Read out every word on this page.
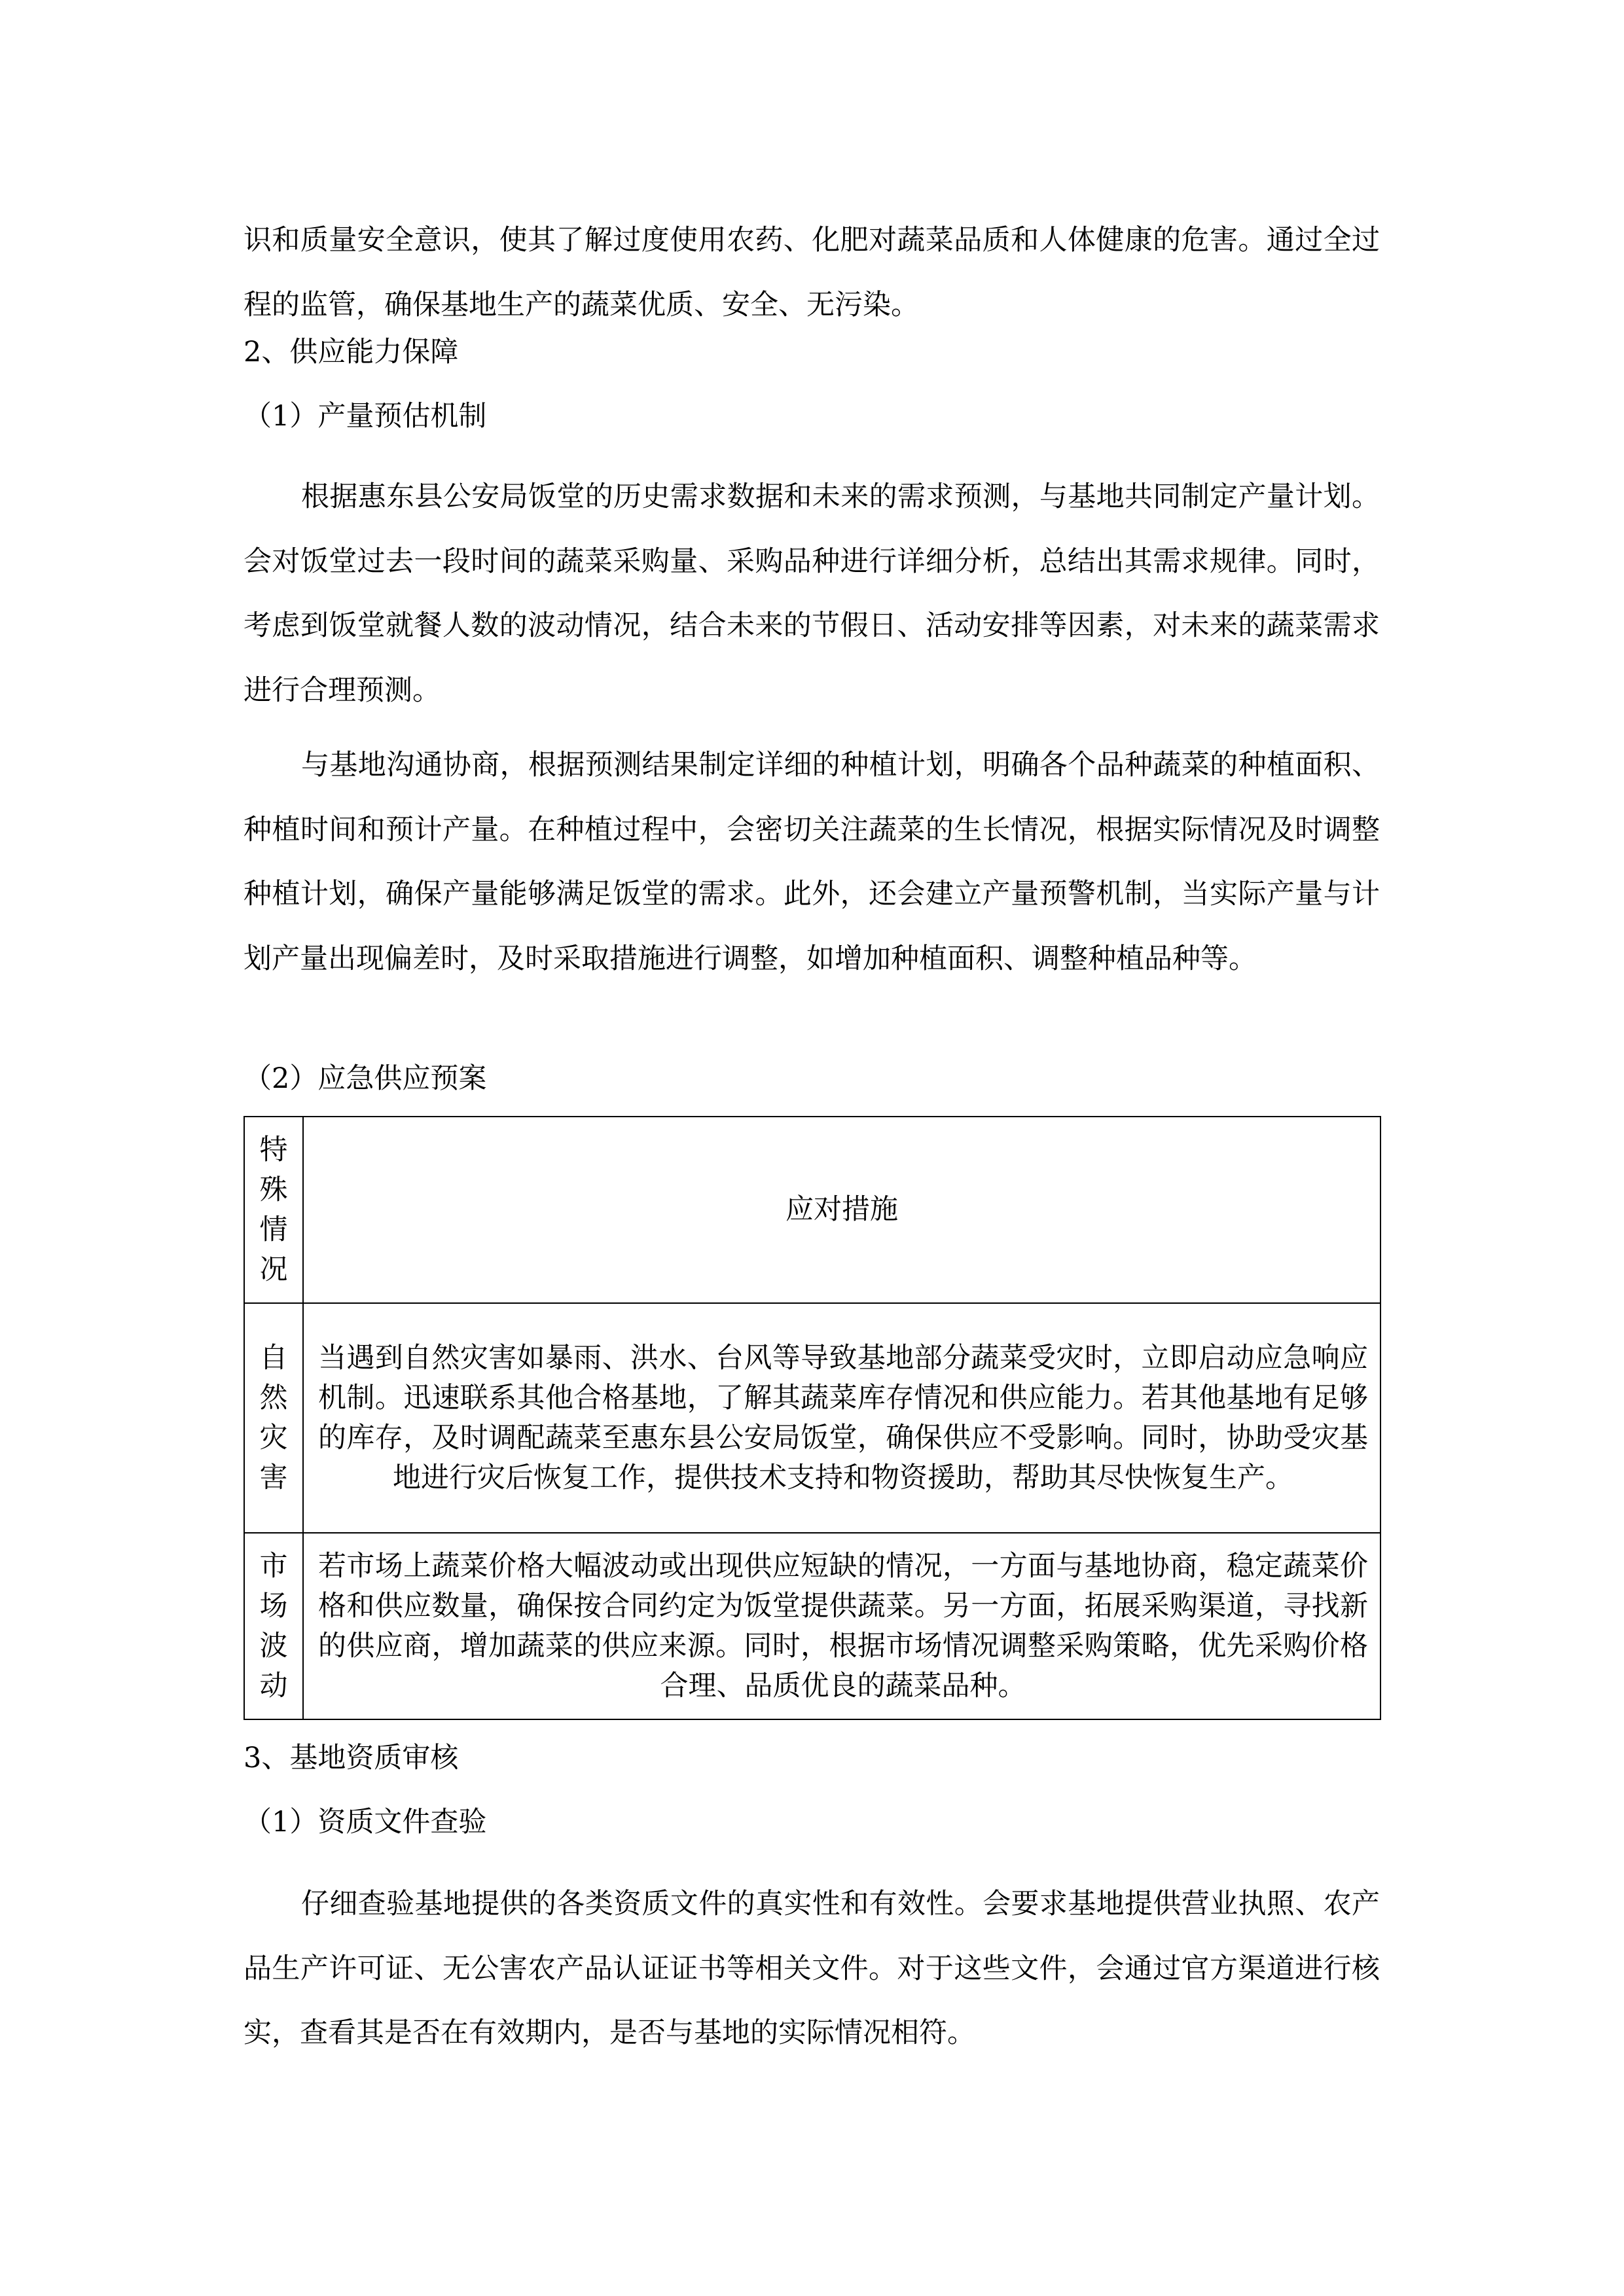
识和质量安全意识，使其了解过度使用农药、化肥对蔬菜品质和人体健康的危害。通过全过程的监管，确保基地生产的蔬菜优质、安全、无污染。
2、供应能力保障
（1）产量预估机制
根据惠东县公安局饭堂的历史需求数据和未来的需求预测，与基地共同制定产量计划。会对饭堂过去一段时间的蔬菜采购量、采购品种进行详细分析，总结出其需求规律。同时，考虑到饭堂就餐人数的波动情况，结合未来的节假日、活动安排等因素，对未来的蔬菜需求进行合理预测。
与基地沟通协商，根据预测结果制定详细的种植计划，明确各个品种蔬菜的种植面积、种植时间和预计产量。在种植过程中，会密切关注蔬菜的生长情况，根据实际情况及时调整种植计划，确保产量能够满足饭堂的需求。此外，还会建立产量预警机制，当实际产量与计划产量出现偏差时，及时采取措施进行调整，如增加种植面积、调整种植品种等。
（2）应急供应预案
特殊情况	应对措施

自然灾害	当遇到自然灾害如暴雨、洪水、台风等导致基地部分蔬菜受灾时，立即启动应急响应机制。迅速联系其他合格基地，了解其蔬菜库存情况和供应能力。若其他基地有足够的库存，及时调配蔬菜至惠东县公安局饭堂，确保供应不受影响。同时，协助受灾基地进行灾后恢复工作，提供技术支持和物资援助，帮助其尽快恢复生产。

市场波动	若市场上蔬菜价格大幅波动或出现供应短缺的情况，一方面与基地协商，稳定蔬菜价格和供应数量，确保按合同约定为饭堂提供蔬菜。另一方面，拓展采购渠道，寻找新的供应商，增加蔬菜的供应来源。同时，根据市场情况调整采购策略，优先采购价格合理、品质优良的蔬菜品种。
3、基地资质审核
（1）资质文件查验
仔细查验基地提供的各类资质文件的真实性和有效性。会要求基地提供营业执照、农产品生产许可证、无公害农产品认证证书等相关文件。对于这些文件，会通过官方渠道进行核实，查看其是否在有效期内，是否与基地的实际情况相符。
